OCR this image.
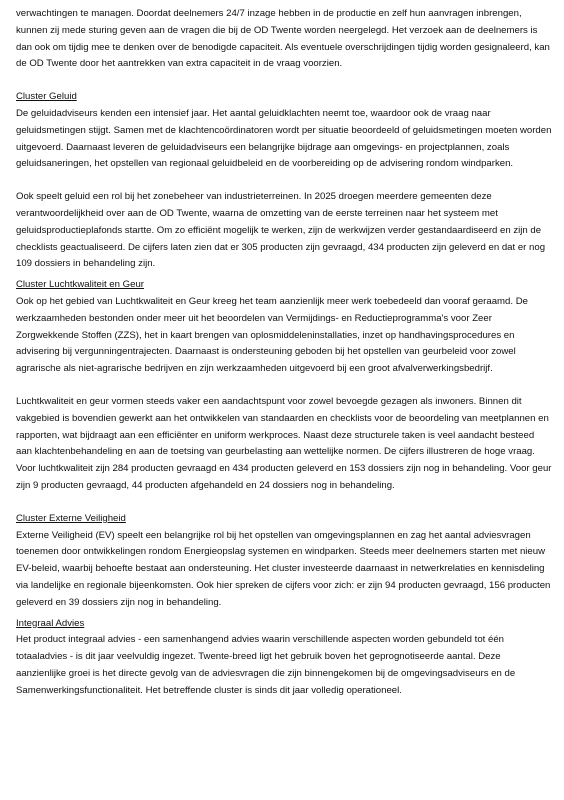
verwachtingen te managen. Doordat deelnemers 24/7 inzage hebben in de productie en zelf hun aanvragen inbrengen, kunnen zij mede sturing geven aan de vragen die bij de OD Twente worden neergelegd. Het verzoek aan de deelnemers is dan ook om tijdig mee te denken over de benodigde capaciteit. Als eventuele overschrijdingen tijdig worden gesignaleerd, kan de OD Twente door het aantrekken van extra capaciteit in de vraag voorzien.

Cluster Geluid

De geluidadviseurs kenden een intensief jaar. Het aantal geluidklachten neemt toe, waardoor ook de vraag naar geluidsmetingen stijgt. Samen met de klachtencoördinatoren wordt per situatie beoordeeld of geluidsmetingen moeten worden uitgevoerd. Daarnaast leveren de geluidadviseurs een belangrijke bijdrage aan omgevings- en projectplannen, zoals geluidsaneringen, het opstellen van regionaal geluidbeleid en de voorbereiding op de advisering rondom windparken.

Ook speelt geluid een rol bij het zonebeheer van industrieterreinen. In 2025 droegen meerdere gemeenten deze verantwoordelijkheid over aan de OD Twente, waarna de omzetting van de eerste terreinen naar het systeem met geluidsproductieplafonds startte. Om zo efficiënt mogelijk te werken, zijn de werkwijzen verder gestandaardiseerd en zijn de checklists geactualiseerd. De cijfers laten zien dat er 305 producten zijn gevraagd, 434 producten zijn geleverd en dat er nog 109 dossiers in behandeling zijn.

Cluster Luchtkwaliteit en Geur

Ook op het gebied van Luchtkwaliteit en Geur kreeg het team aanzienlijk meer werk toebedeeld dan vooraf geraamd. De werkzaamheden bestonden onder meer uit het beoordelen van Vermijdings- en Reductieprogramma's voor Zeer Zorgwekkende Stoffen (ZZS), het in kaart brengen van oplosmiddeleninstallaties, inzet op handhavingsprocedures en advisering bij vergunningentrajecten. Daarnaast is ondersteuning geboden bij het opstellen van geurbeleid voor zowel agrarische als niet-agrarische bedrijven en zijn werkzaamheden uitgevoerd bij een groot afvalverwerkingsbedrijf.

Luchtkwaliteit en geur vormen steeds vaker een aandachtspunt voor zowel bevoegde gezagen als inwoners. Binnen dit vakgebied is bovendien gewerkt aan het ontwikkelen van standaarden en checklists voor de beoordeling van meetplannen en rapporten, wat bijdraagt aan een efficiënter en uniform werkproces. Naast deze structurele taken is veel aandacht besteed aan klachtenbehandeling en aan de toetsing van geurbelasting aan wettelijke normen. De cijfers illustreren de hoge vraag. Voor luchtkwaliteit zijn 284 producten gevraagd en 434 producten geleverd en 153 dossiers zijn nog in behandeling. Voor geur zijn 9 producten gevraagd, 44 producten afgehandeld en 24 dossiers nog in behandeling.

Cluster Externe Veiligheid

Externe Veiligheid (EV) speelt een belangrijke rol bij het opstellen van omgevingsplannen en zag het aantal adviesvragen toenemen door ontwikkelingen rondom Energieopslag systemen en windparken. Steeds meer deelnemers starten met nieuw EV-beleid, waarbij behoefte bestaat aan ondersteuning. Het cluster investeerde daarnaast in netwerkrelaties en kennisdeling via landelijke en regionale bijeenkomsten. Ook hier spreken de cijfers voor zich: er zijn 94 producten gevraagd, 156 producten geleverd en 39 dossiers zijn nog in behandeling.

Integraal Advies

Het product integraal advies - een samenhangend advies waarin verschillende aspecten worden gebundeld tot één totaaladvies - is dit jaar veelvuldig ingezet. Twente-breed ligt het gebruik boven het geprognotiseerde aantal. Deze aanzienlijke groei is het directe gevolg van de adviesvragen die zijn binnengekomen bij de omgevingsadviseurs en de Samenwerkingsfunctionaliteit. Het betreffende cluster is sinds dit jaar volledig operationeel.
